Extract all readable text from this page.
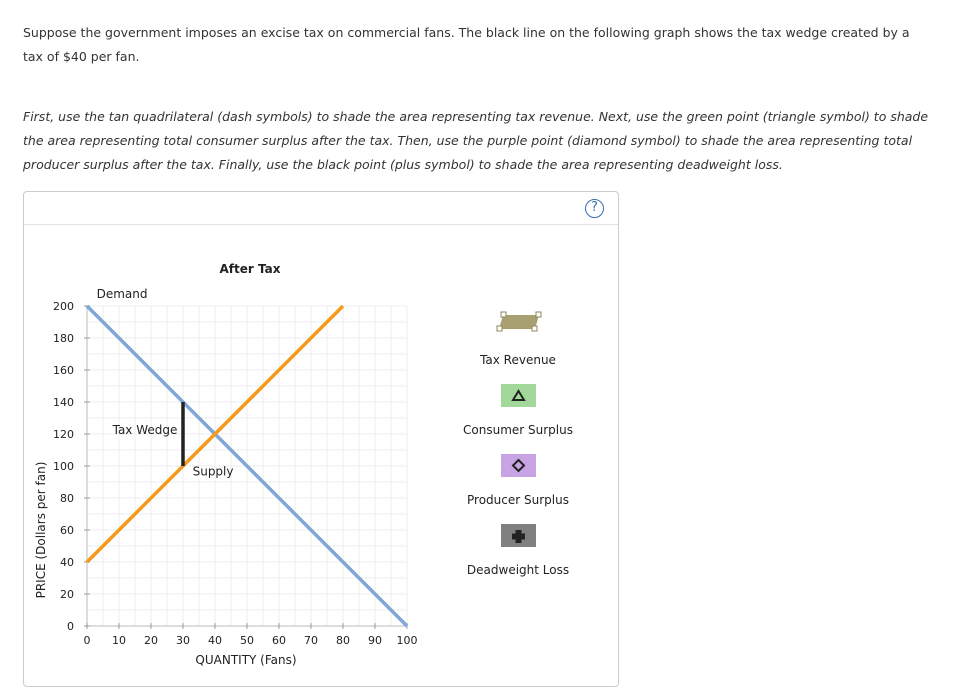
Suppose the government imposes an excise tax on commercial fans. The black line on the following graph shows the tax wedge created by a tax of $40 per fan.

First, use the tan quadrilateral (dash symbols) to shade the area representing tax revenue. Next, use the green point (triangle symbol) to shade the area representing total consumer surplus after the tax. Then, use the purple point (diamond symbol) to shade the area representing total producer surplus after the tax. Finally, use the black point (plus symbol) to shade the area representing deadweight loss.

?
0 10 20 30 40 50 60 70 80 90 100
0
20
40
60
80
100
120
140
160
180
200
After Tax
QUANTITY (Fans)
PRICE (Dollars per fan)
Demand
Tax Wedge
Supply
Tax Revenue
Consumer Surplus
Producer Surplus
Deadweight Loss
